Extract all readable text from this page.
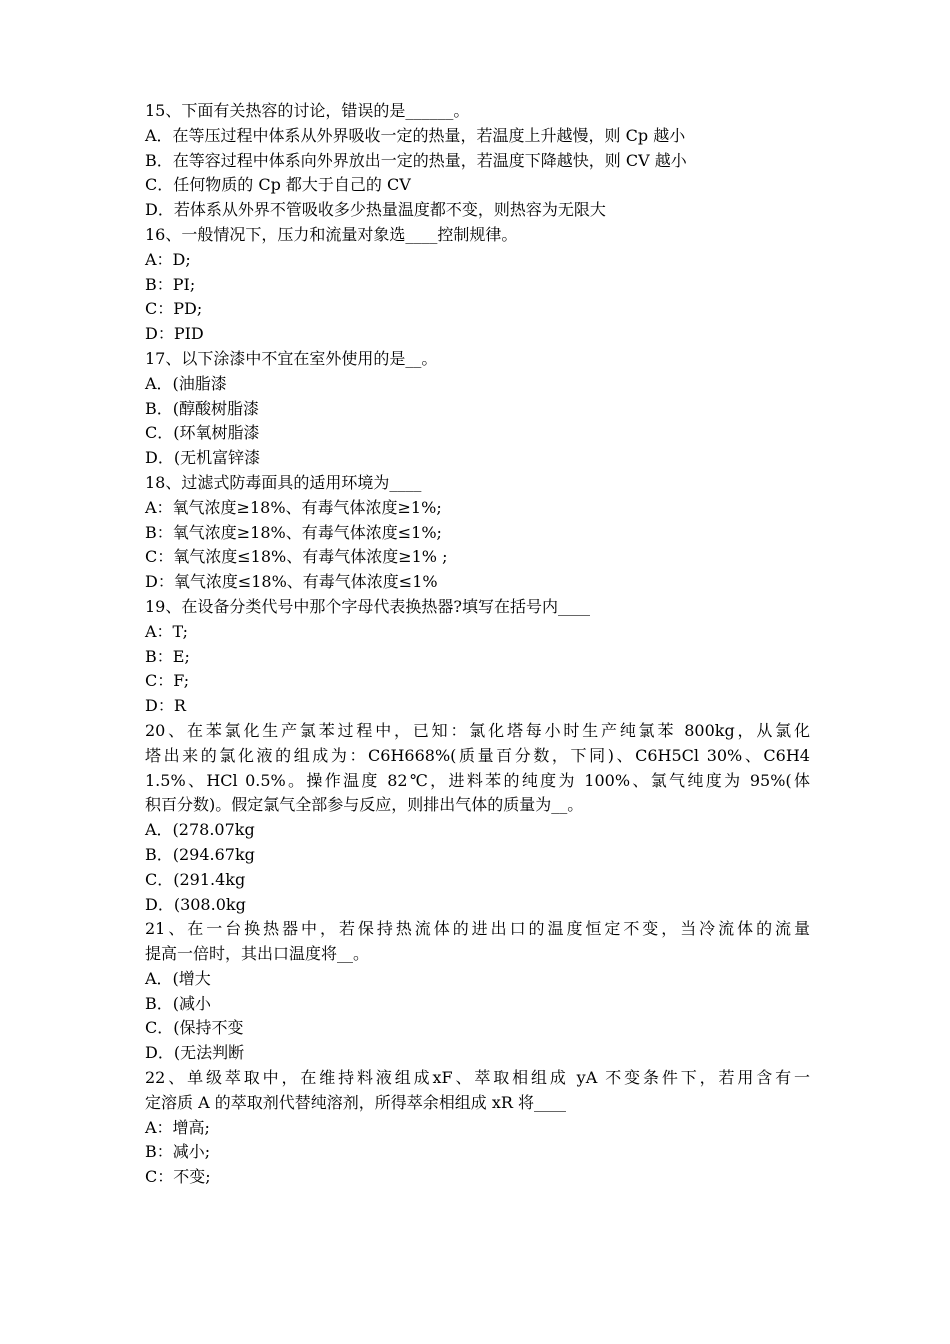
15、下面有关热容的讨论，错误的是______。
A．在等压过程中体系从外界吸收一定的热量，若温度上升越慢，则 Cp 越小
B．在等容过程中体系向外界放出一定的热量，若温度下降越快，则 CV 越小
C．任何物质的 Cp 都大于自己的 CV
D．若体系从外界不管吸收多少热量温度都不变，则热容为无限大
16、一般情况下，压力和流量对象选____控制规律。
A：D;
B：PI;
C：PD;
D：PID
17、以下涂漆中不宜在室外使用的是__。
A．(油脂漆
B．(醇酸树脂漆
C．(环氧树脂漆
D．(无机富锌漆
18、过滤式防毒面具的适用环境为____
A：氧气浓度≥18%、有毒气体浓度≥1%;
B：氧气浓度≥18%、有毒气体浓度≤1%;
C：氧气浓度≤18%、有毒气体浓度≥1% ;
D：氧气浓度≤18%、有毒气体浓度≤1%
19、在设备分类代号中那个字母代表换热器?填写在括号内____
A：T;
B：E;
C：F;
D：R
20、在苯氯化生产氯苯过程中，已知：氯化塔每小时生产纯氯苯 800kg，从氯化
塔出来的氯化液的组成为：C6H668%(质量百分数，下同)、C6H5Cl 30%、C6H4
1.5%、HCl 0.5%。操作温度 82℃，进料苯的纯度为 100%、氯气纯度为 95%(体
积百分数)。假定氯气全部参与反应，则排出气体的质量为__。
A．(278.07kg
B．(294.67kg
C．(291.4kg
D．(308.0kg
21、在一台换热器中，若保持热流体的进出口的温度恒定不变，当冷流体的流量
提高一倍时，其出口温度将__。
A．(增大
B．(减小
C．(保持不变
D．(无法判断
22、单级萃取中，在维持料液组成xF、萃取相组成 yA 不变条件下，若用含有一
定溶质 A 的萃取剂代替纯溶剂，所得萃余相组成 xR 将____
A：增高;
B：减小;
C：不变;
